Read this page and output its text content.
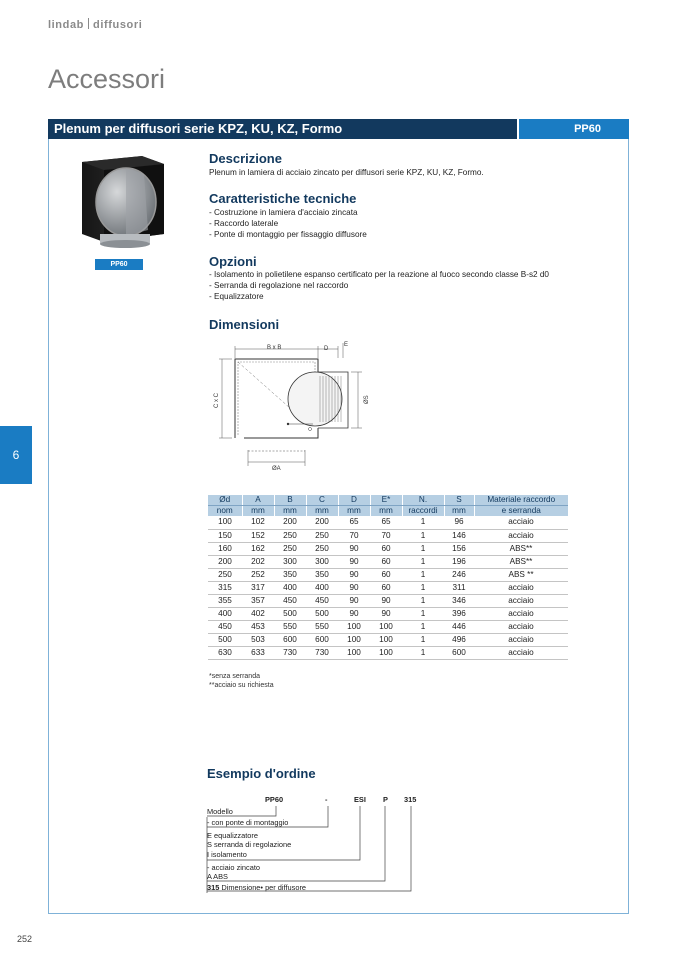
lindab diffusori
Accessori
Plenum per diffusori serie KPZ, KU, KZ, Formo	PP60
PP60
Descrizione
Plenum in lamiera di acciaio zincato per diffusori serie KPZ, KU, KZ, Formo.
Caratteristiche tecniche
- Costruzione in lamiera d'acciaio zincata
- Raccordo laterale
- Ponte di montaggio per fissaggio diffusore
Opzioni
- Isolamento in polietilene espanso certificato per la reazione al fuoco secondo classe B-s2 d0
- Serranda di regolazione nel raccordo
- Equalizzatore
Dimensioni
B x B	D
E
C x C	ØS
ØA
Ød	A	B	C	D	E*	N.	S	Materiale raccordo
nom	mm	mm	mm	mm	mm	raccordi	mm	e serranda
100	102	200	200	65	65	1	96	acciaio
150	152	250	250	70	70	1	146	acciaio
160	162	250	250	90	60	1	156	ABS**
200	202	300	300	90	60	1	196	ABS**
250	252	350	350	90	60	1	246	ABS **
315	317	400	400	90	60	1	311	acciaio
355	357	450	450	90	90	1	346	acciaio
400	402	500	500	90	90	1	396	acciaio
450	453	550	550	100	100	1	446	acciaio
500	503	600	600	100	100	1	496	acciaio
630	633	730	730	100	100	1	600	acciaio
*senza serranda
**acciaio su richiesta
Esempio d'ordine
PP60	-	ESI P 315
Modello
- con ponte di montaggio
E equalizzatore
S serranda di regolazione
I isolamento
- acciaio zincato
A ABS
315 Dimensione• per diffusore
6
252
